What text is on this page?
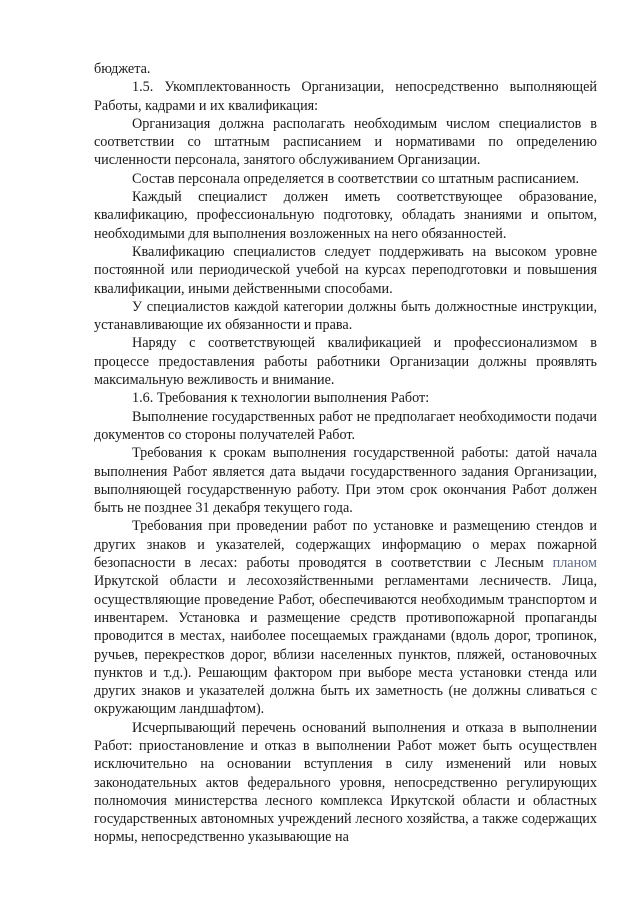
бюджета.

1.5. Укомплектованность Организации, непосредственно выполняющей Работы, кадрами и их квалификация:

Организация должна располагать необходимым числом специалистов в соответствии со штатным расписанием и нормативами по определению численности персонала, занятого обслуживанием Организации.

Состав персонала определяется в соответствии со штатным расписанием.

Каждый специалист должен иметь соответствующее образование, квалификацию, профессиональную подготовку, обладать знаниями и опытом, необходимыми для выполнения возложенных на него обязанностей.

Квалификацию специалистов следует поддерживать на высоком уровне постоянной или периодической учебой на курсах переподготовки и повышения квалификации, иными действенными способами.

У специалистов каждой категории должны быть должностные инструкции, устанавливающие их обязанности и права.

Наряду с соответствующей квалификацией и профессионализмом в процессе предоставления работы работники Организации должны проявлять максимальную вежливость и внимание.

1.6. Требования к технологии выполнения Работ:

Выполнение государственных работ не предполагает необходимости подачи документов со стороны получателей Работ.

Требования к срокам выполнения государственной работы: датой начала выполнения Работ является дата выдачи государственного задания Организации, выполняющей государственную работу. При этом срок окончания Работ должен быть не позднее 31 декабря текущего года.

Требования при проведении работ по установке и размещению стендов и других знаков и указателей, содержащих информацию о мерах пожарной безопасности в лесах: работы проводятся в соответствии с Лесным планом Иркутской области и лесохозяйственными регламентами лесничеств. Лица, осуществляющие проведение Работ, обеспечиваются необходимым транспортом и инвентарем. Установка и размещение средств противопожарной пропаганды проводится в местах, наиболее посещаемых гражданами (вдоль дорог, тропинок, ручьев, перекрестков дорог, вблизи населенных пунктов, пляжей, остановочных пунктов и т.д.). Решающим фактором при выборе места установки стенда или других знаков и указателей должна быть их заметность (не должны сливаться с окружающим ландшафтом).

Исчерпывающий перечень оснований выполнения и отказа в выполнении Работ: приостановление и отказ в выполнении Работ может быть осуществлен исключительно на основании вступления в силу изменений или новых законодательных актов федерального уровня, непосредственно регулирующих полномочия министерства лесного комплекса Иркутской области и областных государственных автономных учреждений лесного хозяйства, а также содержащих нормы, непосредственно указывающие на
